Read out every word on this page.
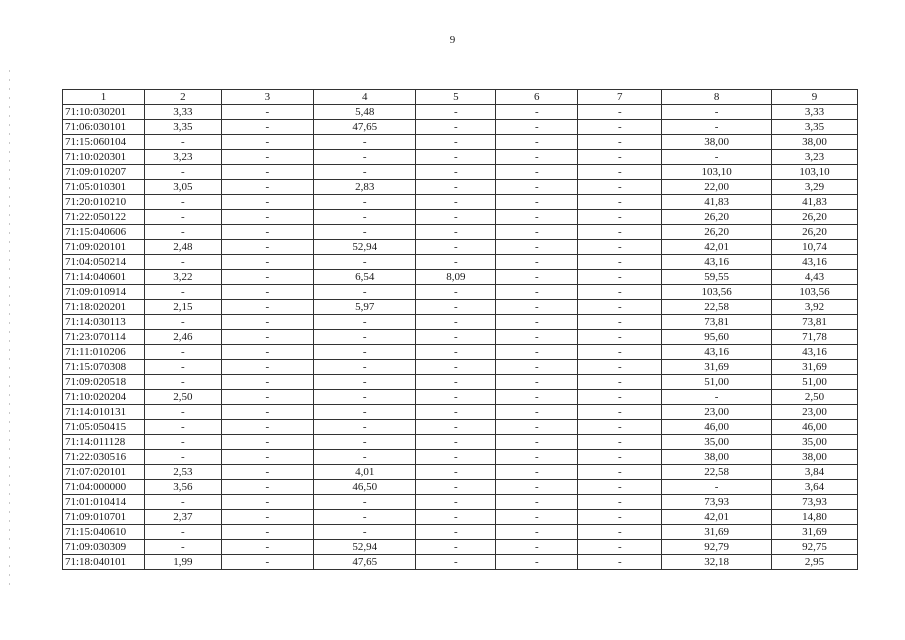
9
1	2	3	4	5	6	7	8	9
71:10:030201	3,33	-	5,48	-	-	-	-	3,33
71:06:030101	3,35	-	47,65	-	-	-	-	3,35
71:15:060104	-	-	-	-	-	-	38,00	38,00
71:10:020301	3,23	-	-	-	-	-	-	3,23
71:09:010207	-	-	-	-	-	-	103,10	103,10
71:05:010301	3,05	-	2,83	-	-	-	22,00	3,29
71:20:010210	-	-	-	-	-	-	41,83	41,83
71:22:050122	-	-	-	-	-	-	26,20	26,20
71:15:040606	-	-	-	-	-	-	26,20	26,20
71:09:020101	2,48	-	52,94	-	-	-	42,01	10,74
71:04:050214	-	-	-	-	-	-	43,16	43,16
71:14:040601	3,22	-	6,54	8,09	-	-	59,55	4,43
71:09:010914	-	-	-	-	-	-	103,56	103,56
71:18:020201	2,15	-	5,97	-	-	-	22,58	3,92
71:14:030113	-	-	-	-	-	-	73,81	73,81
71:23:070114	2,46	-	-	-	-	-	95,60	71,78
71:11:010206	-	-	-	-	-	-	43,16	43,16
71:15:070308	-	-	-	-	-	-	31,69	31,69
71:09:020518	-	-	-	-	-	-	51,00	51,00
71:10:020204	2,50	-	-	-	-	-	-	2,50
71:14:010131	-	-	-	-	-	-	23,00	23,00
71:05:050415	-	-	-	-	-	-	46,00	46,00
71:14:011128	-	-	-	-	-	-	35,00	35,00
71:22:030516	-	-	-	-	-	-	38,00	38,00
71:07:020101	2,53	-	4,01	-	-	-	22,58	3,84
71:04:000000	3,56	-	46,50	-	-	-	-	3,64
71:01:010414	-	-	-	-	-	-	73,93	73,93
71:09:010701	2,37	-	-	-	-	-	42,01	14,80
71:15:040610	-	-	-	-	-	-	31,69	31,69
71:09:030309	-	-	52,94	-	-	-	92,79	92,75
71:18:040101	1,99	-	47,65	-	-	-	32,18	2,95
